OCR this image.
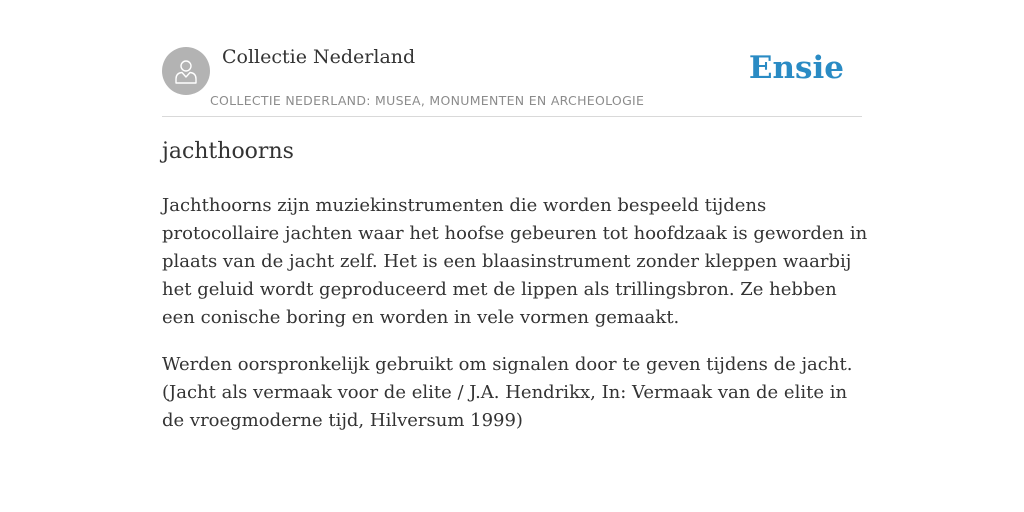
Collectie Nederland
COLLECTIE NEDERLAND: MUSEA, MONUMENTEN EN ARCHEOLOGIE
Ensie
jachthoorns

Jachthoorns zijn muziekinstrumenten die worden bespeeld tijdens protocollaire jachten waar het hoofse gebeuren tot hoofdzaak is geworden in plaats van de jacht zelf. Het is een blaasinstrument zonder kleppen waarbij het geluid wordt geproduceerd met de lippen als trillingsbron. Ze hebben een conische boring en worden in vele vormen gemaakt.

Werden oorspronkelijk gebruikt om signalen door te geven tijdens de jacht. (Jacht als vermaak voor de elite / J.A. Hendrikx, In: Vermaak van de elite in de vroegmoderne tijd, Hilversum 1999)
